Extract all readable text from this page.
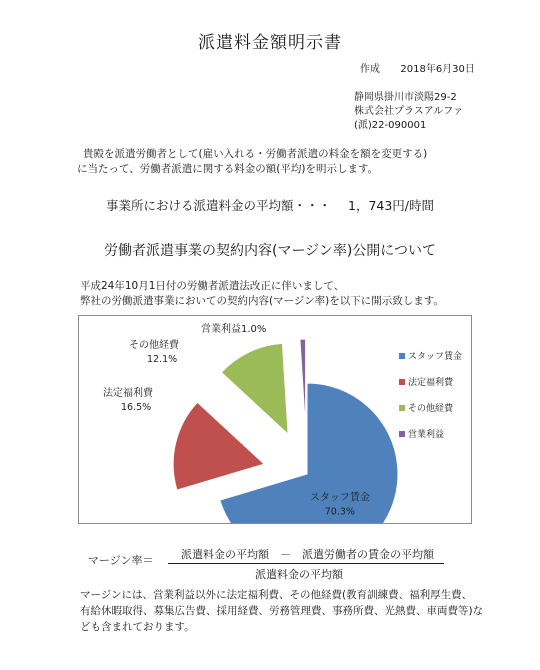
派遣料金額明示書
作成 2018年6月30日
静岡県掛川市淡陽29-2
株式会社プラスアルファ
(派)22-090001
貴殿を派遣労働者として(雇い入れる・労働者派遣の料金を額を変更する)
に当たって、労働者派遣に関する料金の額(平均)を明示します。
事業所における派遣料金の平均額・・・ 1，743円/時間
労働者派遣事業の契約内容(マージン率)公開について
平成24年10月1日付の労働者派遣法改正に伴いまして、
弊社の労働派遣事業においての契約内容(マージン率)を以下に開示致します。
スタッフ賃金
70.3%
法定福利費
16.5%
その他経費
12.1%
営業利益1.0%
スタッフ賃金
法定福利費
その他経費
営業利益
マージン率＝ 派遣料金の平均額　－　派遣労働者の賃金の平均額
派遣料金の平均額
マージンには、営業利益以外に法定福利費、その他経費(教育訓練費、福利厚生費、
有給休暇取得、募集広告費、採用経費、労務管理費、事務所費、光熱費、車両費等)な
ども含まれております。
